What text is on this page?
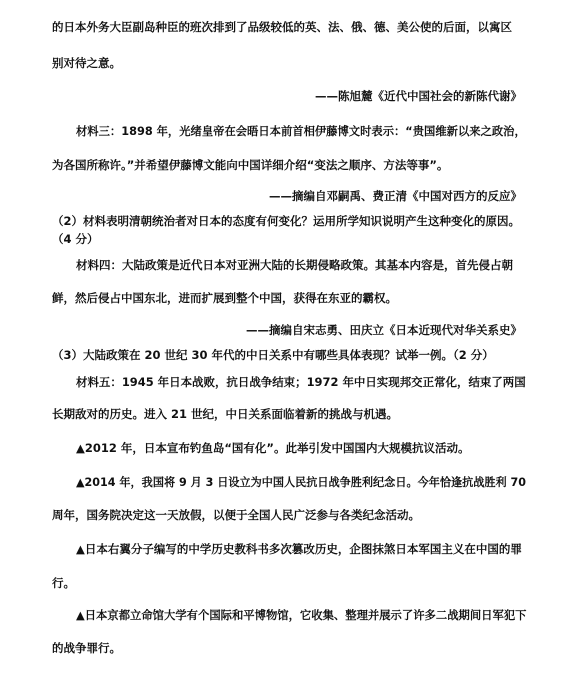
的日本外务大臣副岛种臣的班次排到了品级较低的英、法、俄、德、美公使的后面，以寓区
别对待之意。
——陈旭麓《近代中国社会的新陈代谢》
材料三：1898 年，光绪皇帝在会晤日本前首相伊藤博文时表示：“贵国维新以来之政治，
为各国所称许。”并希望伊藤博文能向中国详细介绍“变法之顺序、方法等事”。
——摘编自邓嗣禹、费正清《中国对西方的反应》
（2）材料表明清朝统治者对日本的态度有何变化？运用所学知识说明产生这种变化的原因。
（4 分）
材料四：大陆政策是近代日本对亚洲大陆的长期侵略政策。其基本内容是，首先侵占朝
鲜，然后侵占中国东北，进而扩展到整个中国，获得在东亚的霸权。
——摘编自宋志勇、田庆立《日本近现代对华关系史》
（3）大陆政策在 20 世纪 30 年代的中日关系中有哪些具体表现？试举一例。（2 分）
材料五：1945 年日本战败，抗日战争结束；1972 年中日实现邦交正常化，结束了两国
长期敌对的历史。进入 21 世纪，中日关系面临着新的挑战与机遇。
▲2012 年，日本宣布钓鱼岛“国有化”。此举引发中国国内大规模抗议活动。
▲2014 年，我国将 9 月 3 日设立为中国人民抗日战争胜利纪念日。今年恰逢抗战胜利 70
周年，国务院决定这一天放假，以便于全国人民广泛参与各类纪念活动。
▲日本右翼分子编写的中学历史教科书多次篡改历史，企图抹煞日本军国主义在中国的罪
行。
▲日本京都立命馆大学有个国际和平博物馆，它收集、整理并展示了许多二战期间日军犯下
的战争罪行。
